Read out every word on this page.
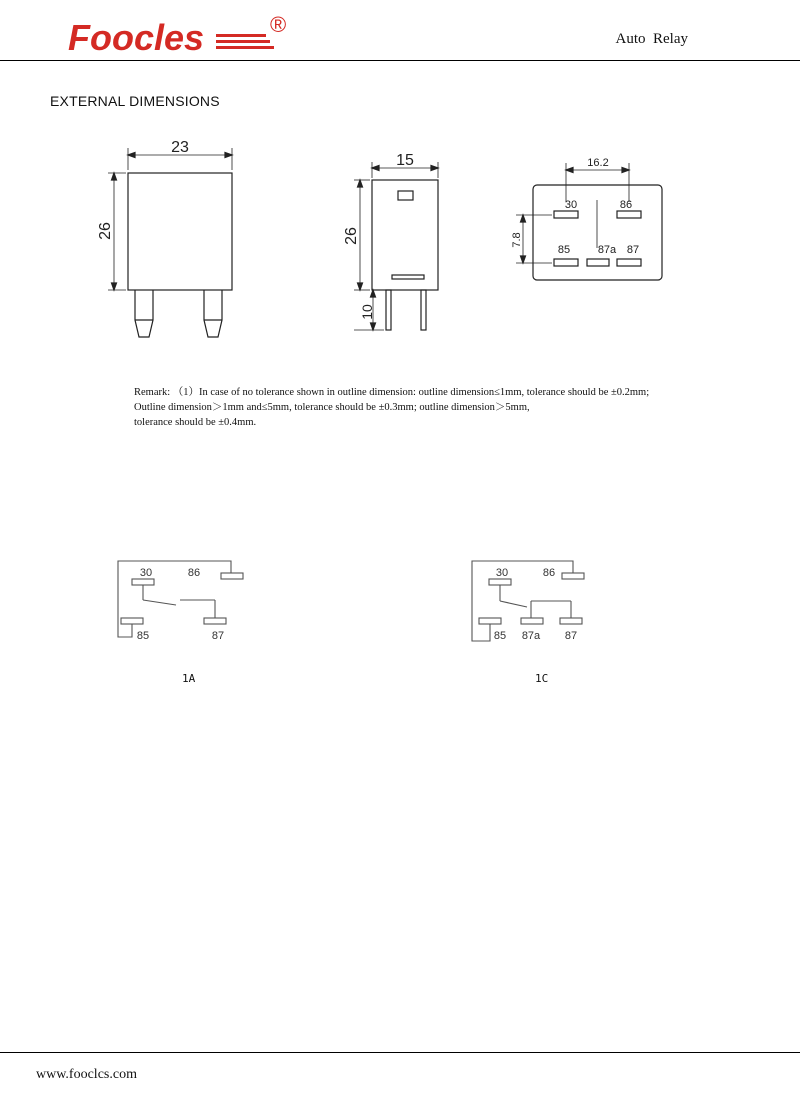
Foocles	®
Auto  Relay
EXTERNAL DIMENSIONS
23
26
15
26
10
16.2
7.8
30	86
85	87a 87
Remark: （1）In case of no tolerance shown in outline dimension: outline dimension≤1mm, tolerance should be ±0.2mm;
Outline dimension＞1mm and≤5mm, tolerance should be ±0.3mm; outline dimension＞5mm,
tolerance should be ±0.4mm.
30	86
85	87
1A
30	86
85 87a 87
1C
www.fooclcs.com
